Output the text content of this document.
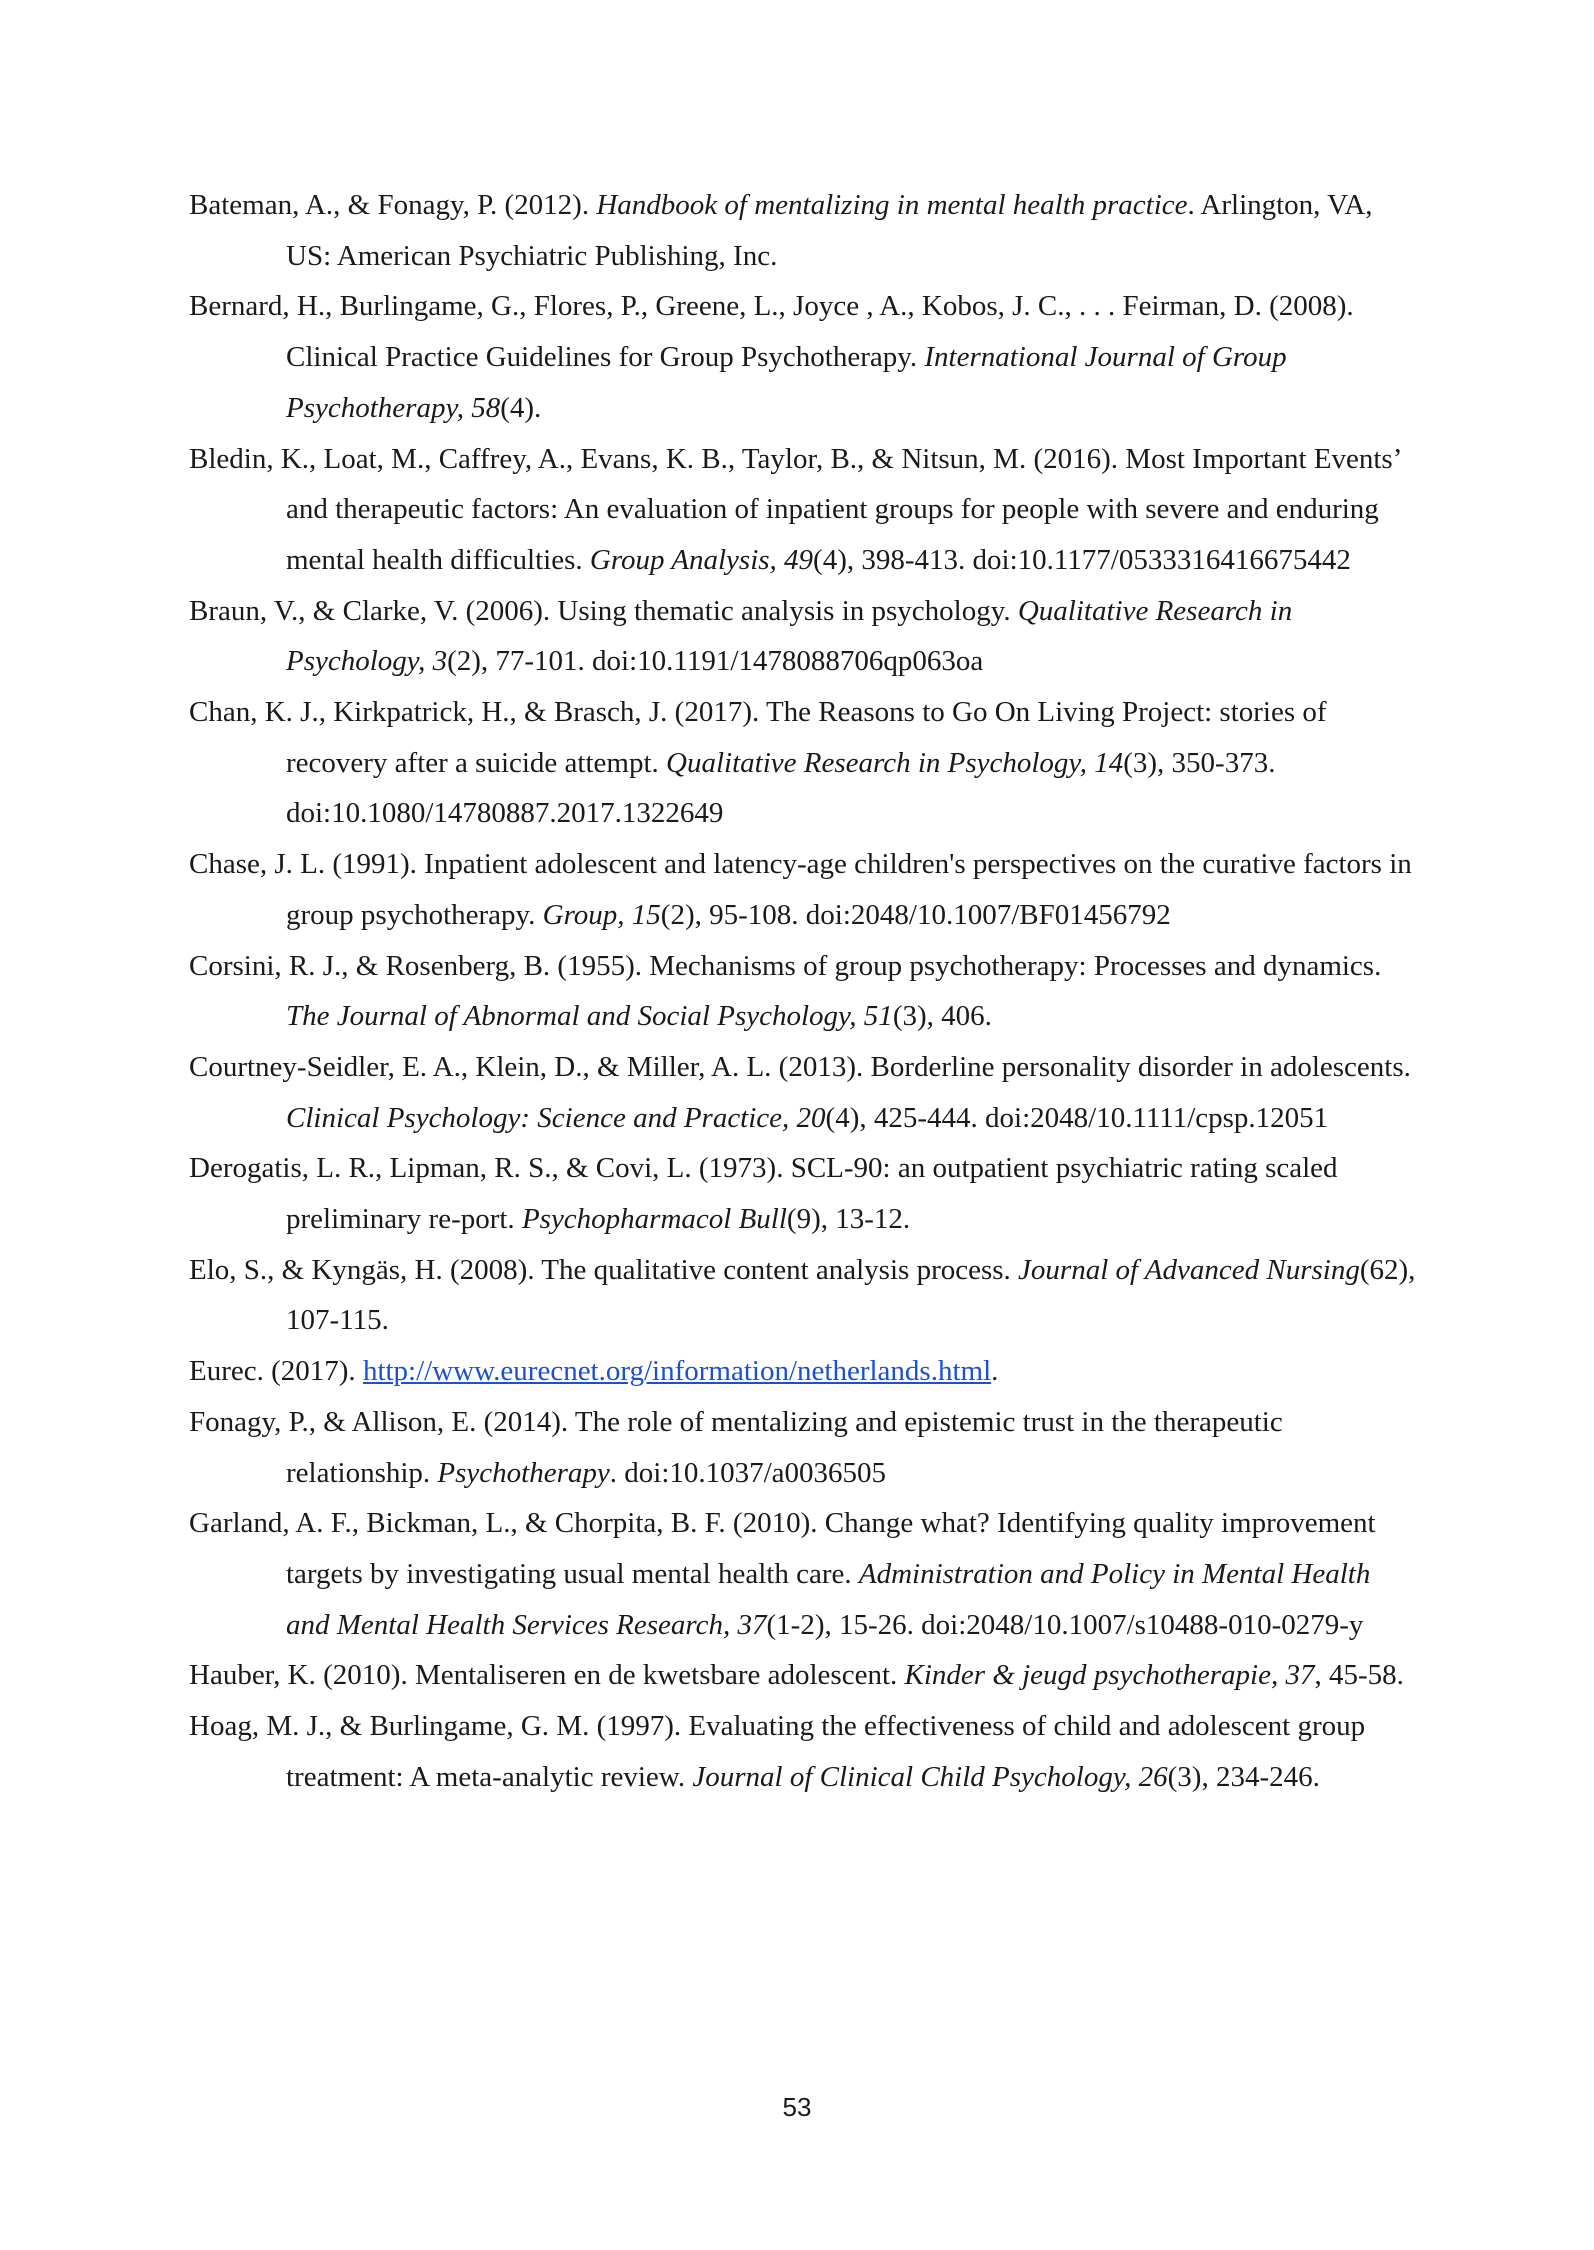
Bateman, A., & Fonagy, P. (2012). Handbook of mentalizing in mental health practice. Arlington, VA, US: American Psychiatric Publishing, Inc.
Bernard, H., Burlingame, G., Flores, P., Greene, L., Joyce , A., Kobos, J. C., . . . Feirman, D. (2008). Clinical Practice Guidelines for Group Psychotherapy. International Journal of Group Psychotherapy, 58(4).
Bledin, K., Loat, M., Caffrey, A., Evans, K. B., Taylor, B., & Nitsun, M. (2016). Most Important Events’ and therapeutic factors: An evaluation of inpatient groups for people with severe and enduring mental health difficulties. Group Analysis, 49(4), 398-413. doi:10.1177/0533316416675442
Braun, V., & Clarke, V. (2006). Using thematic analysis in psychology. Qualitative Research in Psychology, 3(2), 77-101. doi:10.1191/1478088706qp063oa
Chan, K. J., Kirkpatrick, H., & Brasch, J. (2017). The Reasons to Go On Living Project: stories of recovery after a suicide attempt. Qualitative Research in Psychology, 14(3), 350-373. doi:10.1080/14780887.2017.1322649
Chase, J. L. (1991). Inpatient adolescent and latency-age children's perspectives on the curative factors in group psychotherapy. Group, 15(2), 95-108. doi:2048/10.1007/BF01456792
Corsini, R. J., & Rosenberg, B. (1955). Mechanisms of group psychotherapy: Processes and dynamics. The Journal of Abnormal and Social Psychology, 51(3), 406.
Courtney-Seidler, E. A., Klein, D., & Miller, A. L. (2013). Borderline personality disorder in adolescents. Clinical Psychology: Science and Practice, 20(4), 425-444. doi:2048/10.1111/cpsp.12051
Derogatis, L. R., Lipman, R. S., & Covi, L. (1973). SCL-90: an outpatient psychiatric rating scaled preliminary re-port. Psychopharmacol Bull(9), 13-12.
Elo, S., & Kyngäs, H. (2008). The qualitative content analysis process. Journal of Advanced Nursing(62), 107-115.
Eurec. (2017). http://www.eurecnet.org/information/netherlands.html.
Fonagy, P., & Allison, E. (2014). The role of mentalizing and epistemic trust in the therapeutic relationship. Psychotherapy. doi:10.1037/a0036505
Garland, A. F., Bickman, L., & Chorpita, B. F. (2010). Change what? Identifying quality improvement targets by investigating usual mental health care. Administration and Policy in Mental Health and Mental Health Services Research, 37(1-2), 15-26. doi:2048/10.1007/s10488-010-0279-y
Hauber, K. (2010). Mentaliseren en de kwetsbare adolescent. Kinder & jeugd psychotherapie, 37, 45-58.
Hoag, M. J., & Burlingame, G. M. (1997). Evaluating the effectiveness of child and adolescent group treatment: A meta-analytic review. Journal of Clinical Child Psychology, 26(3), 234-246.
53
